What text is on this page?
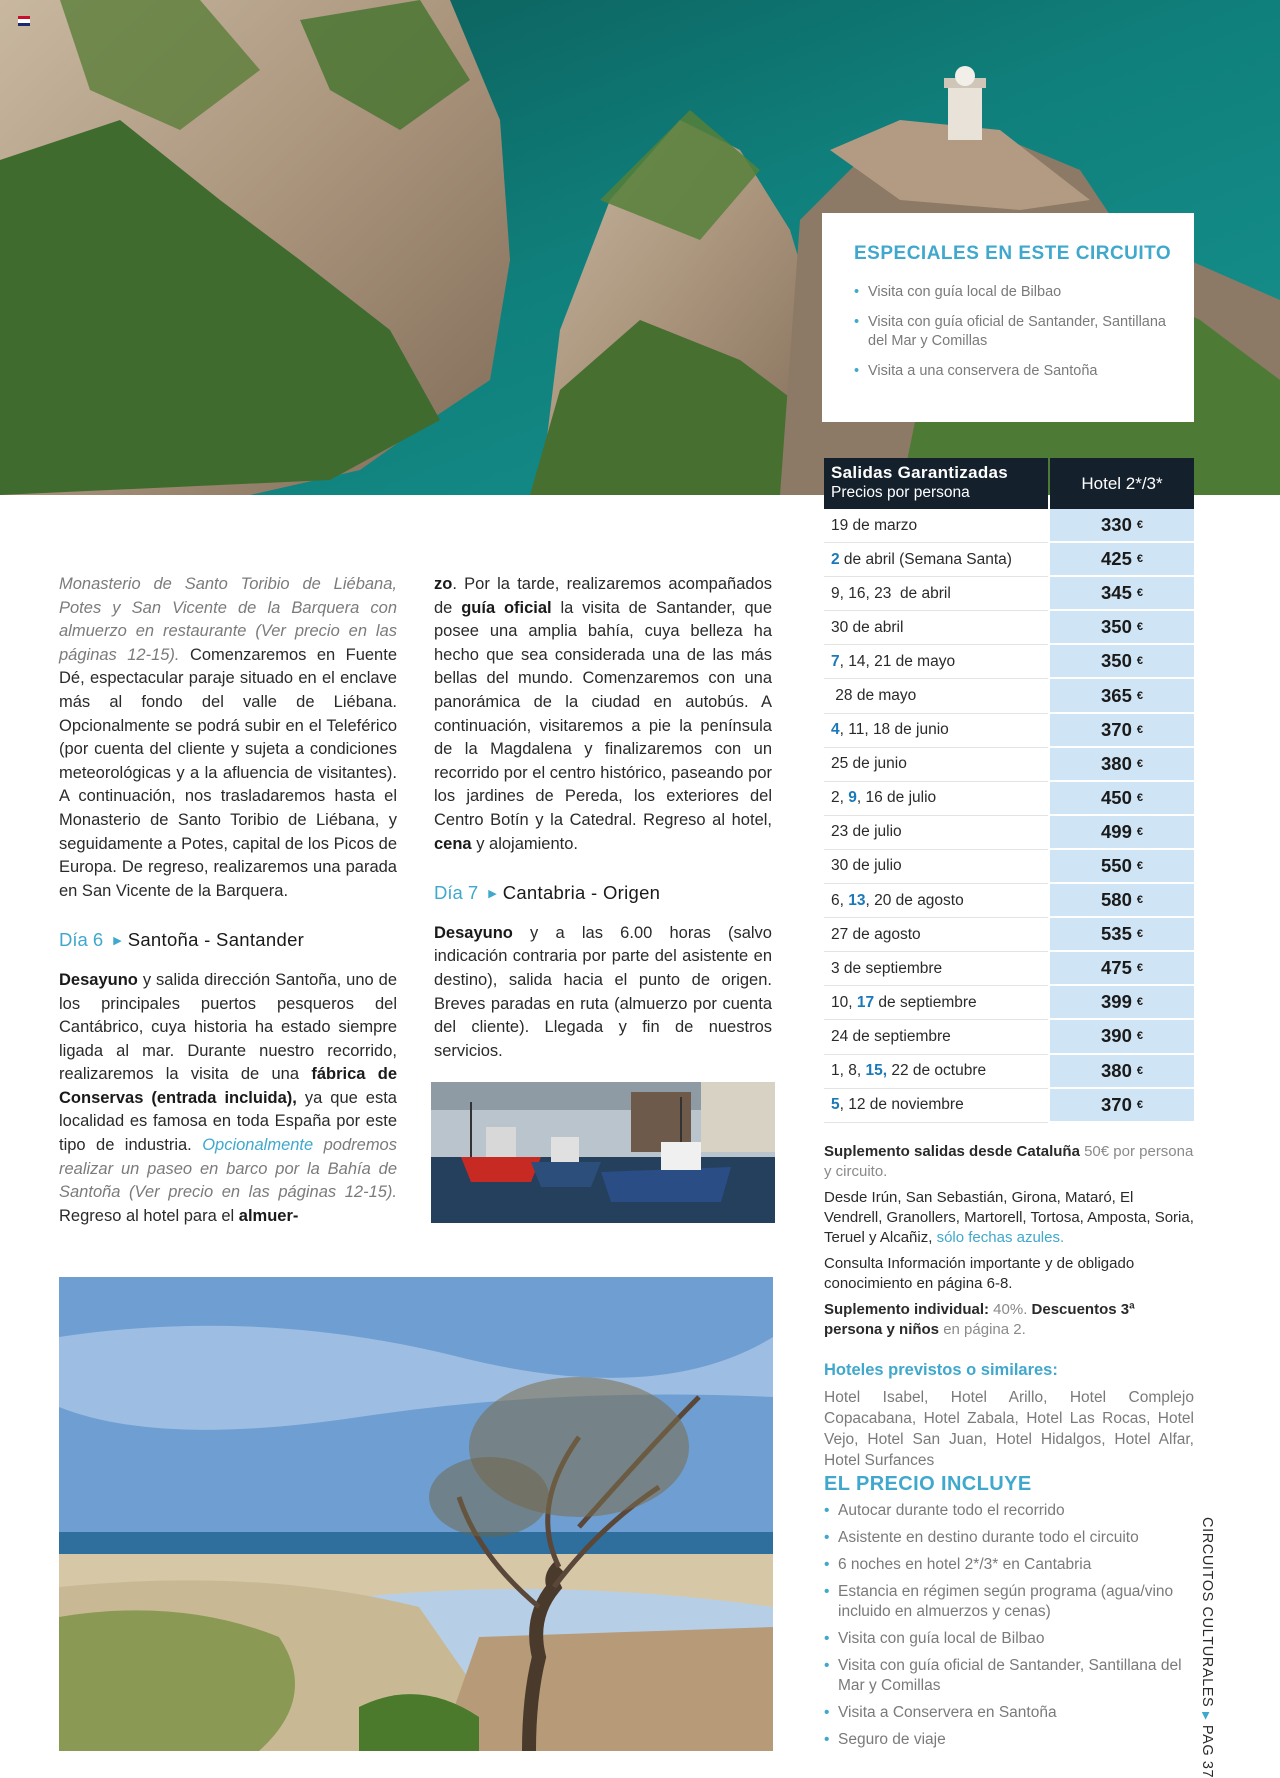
ESPECIALES EN ESTE CIRCUITO
• Visita con guía local de Bilbao
• Visita con guía oficial de Santander, Santillana del Mar y Comillas
• Visita a una conservera de Santoña
Salidas Garantizadas
Precios por persona	Hotel 2*/3*
19 de marzo	330 €
2 de abril (Semana Santa)	425 €
9, 16, 23  de abril	345 €
30 de abril	350 €
7 , 14, 21 de mayo	350 €
28 de mayo	365 €
4 , 11, 18 de junio	370 €
25 de junio	380 €
2, 9 , 16 de julio	450 €
23 de julio	499 €
30 de julio	550 €
6, 13 , 20 de agosto	580 €
27 de agosto	535 €
3 de septiembre	475 €
10, 17 de septiembre	399 €
24 de septiembre	390 €
1, 8, 15, 22 de octubre	380 €
5 , 12 de noviembre	370 €

Monasterio de Santo Toribio de Liébana, Potes y San Vicente de la Barquera con almuerzo en restaurante (Ver precio en las páginas 12-15). Comenzaremos en Fuente Dé, espectacular paraje situado en el enclave más al fondo del valle de Liébana. Opcionalmente se podrá subir en el Teleférico (por cuenta del cliente y sujeta a condiciones meteorológicas y a la afluencia de visitantes). A continuación, nos trasladaremos hasta el Monasterio de Santo Toribio de Liébana, y seguidamente a Potes, capital de los Picos de Europa. De regreso, realizaremos una parada en San Vicente de la Barquera.

Día 6 ▶ Santoña - Santander

Desayuno y salida dirección Santoña, uno de los principales puertos pesqueros del Cantábrico, cuya historia ha estado siempre ligada al mar. Durante nuestro recorrido, realizaremos la visita de una fábrica de Conservas (entrada incluida), ya que esta localidad es famosa en toda España por este tipo de industria. Opcionalmente podremos realizar un paseo en barco por la Bahía de Santoña (Ver precio en las páginas 12-15). Regreso al hotel para el almuer-

zo. Por la tarde, realizaremos acompañados de guía oficial la visita de Santander, que posee una amplia bahía, cuya belleza ha hecho que sea considerada una de las más bellas del mundo. Comenzaremos con una panorámica de la ciudad en autobús. A continuación, visitaremos a pie la península de la Magdalena y finalizaremos con un recorrido por el centro histórico, paseando por los jardines de Pereda, los exteriores del Centro Botín y la Catedral. Regreso al hotel, cena y alojamiento.

Día 7 ▶ Cantabria - Origen

Desayuno y a las 6.00 horas (salvo indicación contraria por parte del asistente en destino), salida hacia el punto de origen. Breves paradas en ruta (almuerzo por cuenta del cliente). Llegada y fin de nuestros servicios.

Suplemento salidas desde Cataluña 50€ por persona y circuito.

Desde Irún, San Sebastián, Girona, Mataró, El Vendrell, Granollers, Martorell, Tortosa, Amposta, Soria, Teruel y Alcañiz, sólo fechas azules.

Consulta Información importante y de obligado conocimiento en página 6-8.

Suplemento individual: 40%. Descuentos 3ª persona y niños en página 2.

Hoteles previstos o similares:
Hotel Isabel, Hotel Arillo, Hotel Complejo Copacabana, Hotel Zabala, Hotel Las Rocas, Hotel Vejo, Hotel San Juan, Hotel Hidalgos, Hotel Alfar, Hotel Surfances
EL PRECIO INCLUYE
• Autocar durante todo el recorrido
• Asistente en destino durante todo el circuito
• 6 noches en hotel 2*/3* en Cantabria
• Estancia en régimen según programa (agua/vino incluido en almuerzos y cenas)
• Visita con guía local de Bilbao
• Visita con guía oficial de Santander, Santillana del Mar y Comillas
• Visita a Conservera en Santoña
• Seguro de viaje
CIRCUITOS CULTURALES ▶ PAG 37
